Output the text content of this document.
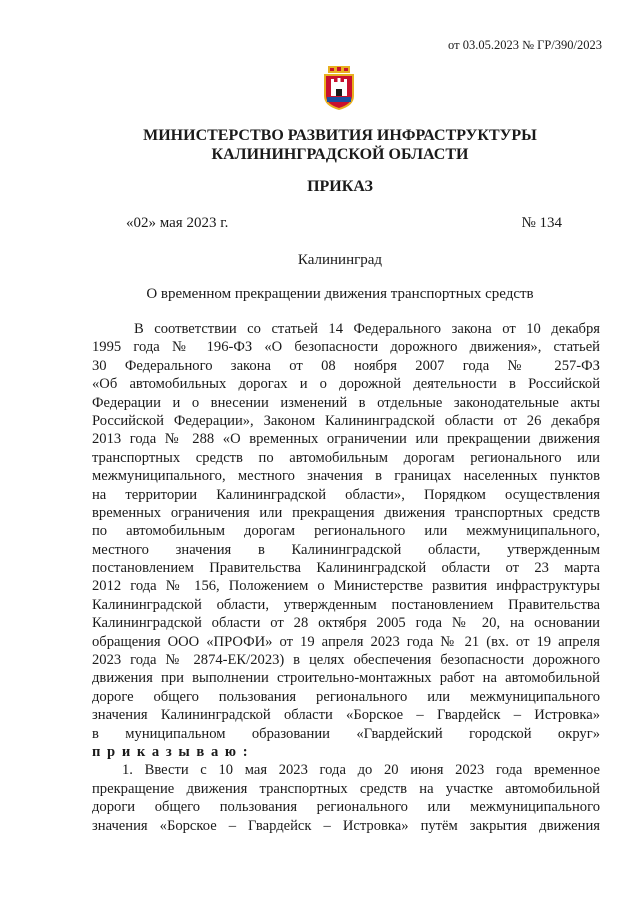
от 03.05.2023 № ГР/390/2023
МИНИСТЕРСТВО РАЗВИТИЯ ИНФРАСТРУКТУРЫ
КАЛИНИНГРАДСКОЙ ОБЛАСТИ
ПРИКАЗ
«02» мая 2023 г.	№ 134
Калининград
О временном прекращении движения транспортных средств
В соответствии со статьей 14 Федерального закона от 10 декабря
1995 года № 196-ФЗ «О безопасности дорожного движения», статьей
30 Федерального закона от 08 ноября 2007 года № 257-ФЗ
«Об автомобильных дорогах и о дорожной деятельности в Российской
Федерации и о внесении изменений в отдельные законодательные акты
Российской Федерации», Законом Калининградской области от 26 декабря
2013 года № 288 «О временных ограничении или прекращении движения
транспортных средств по автомобильным дорогам регионального или
межмуниципального, местного значения в границах населенных пунктов
на территории Калининградской области», Порядком осуществления
временных ограничения или прекращения движения транспортных средств
по автомобильным дорогам регионального или межмуниципального,
местного значения в Калининградской области, утвержденным
постановлением Правительства Калининградской области от 23 марта
2012 года № 156, Положением о Министерстве развития инфраструктуры
Калининградской области, утвержденным постановлением Правительства
Калининградской области от 28 октября 2005 года № 20, на основании
обращения ООО «ПРОФИ» от 19 апреля 2023 года № 21 (вх. от 19 апреля
2023 года № 2874-ЕК/2023) в целях обеспечения безопасности дорожного
движения при выполнении строительно-монтажных работ на автомобильной
дороге общего пользования регионального или межмуниципального
значения Калининградской области «Борское – Гвардейск – Истровка»
в муниципальном образовании «Гвардейский городской округ»
п р и к а з ы в а ю :
1. Ввести с 10 мая 2023 года до 20 июня 2023 года временное
прекращение движения транспортных средств на участке автомобильной
дороги общего пользования регионального или межмуниципального
значения «Борское – Гвардейск – Истровка» путём закрытия движения
